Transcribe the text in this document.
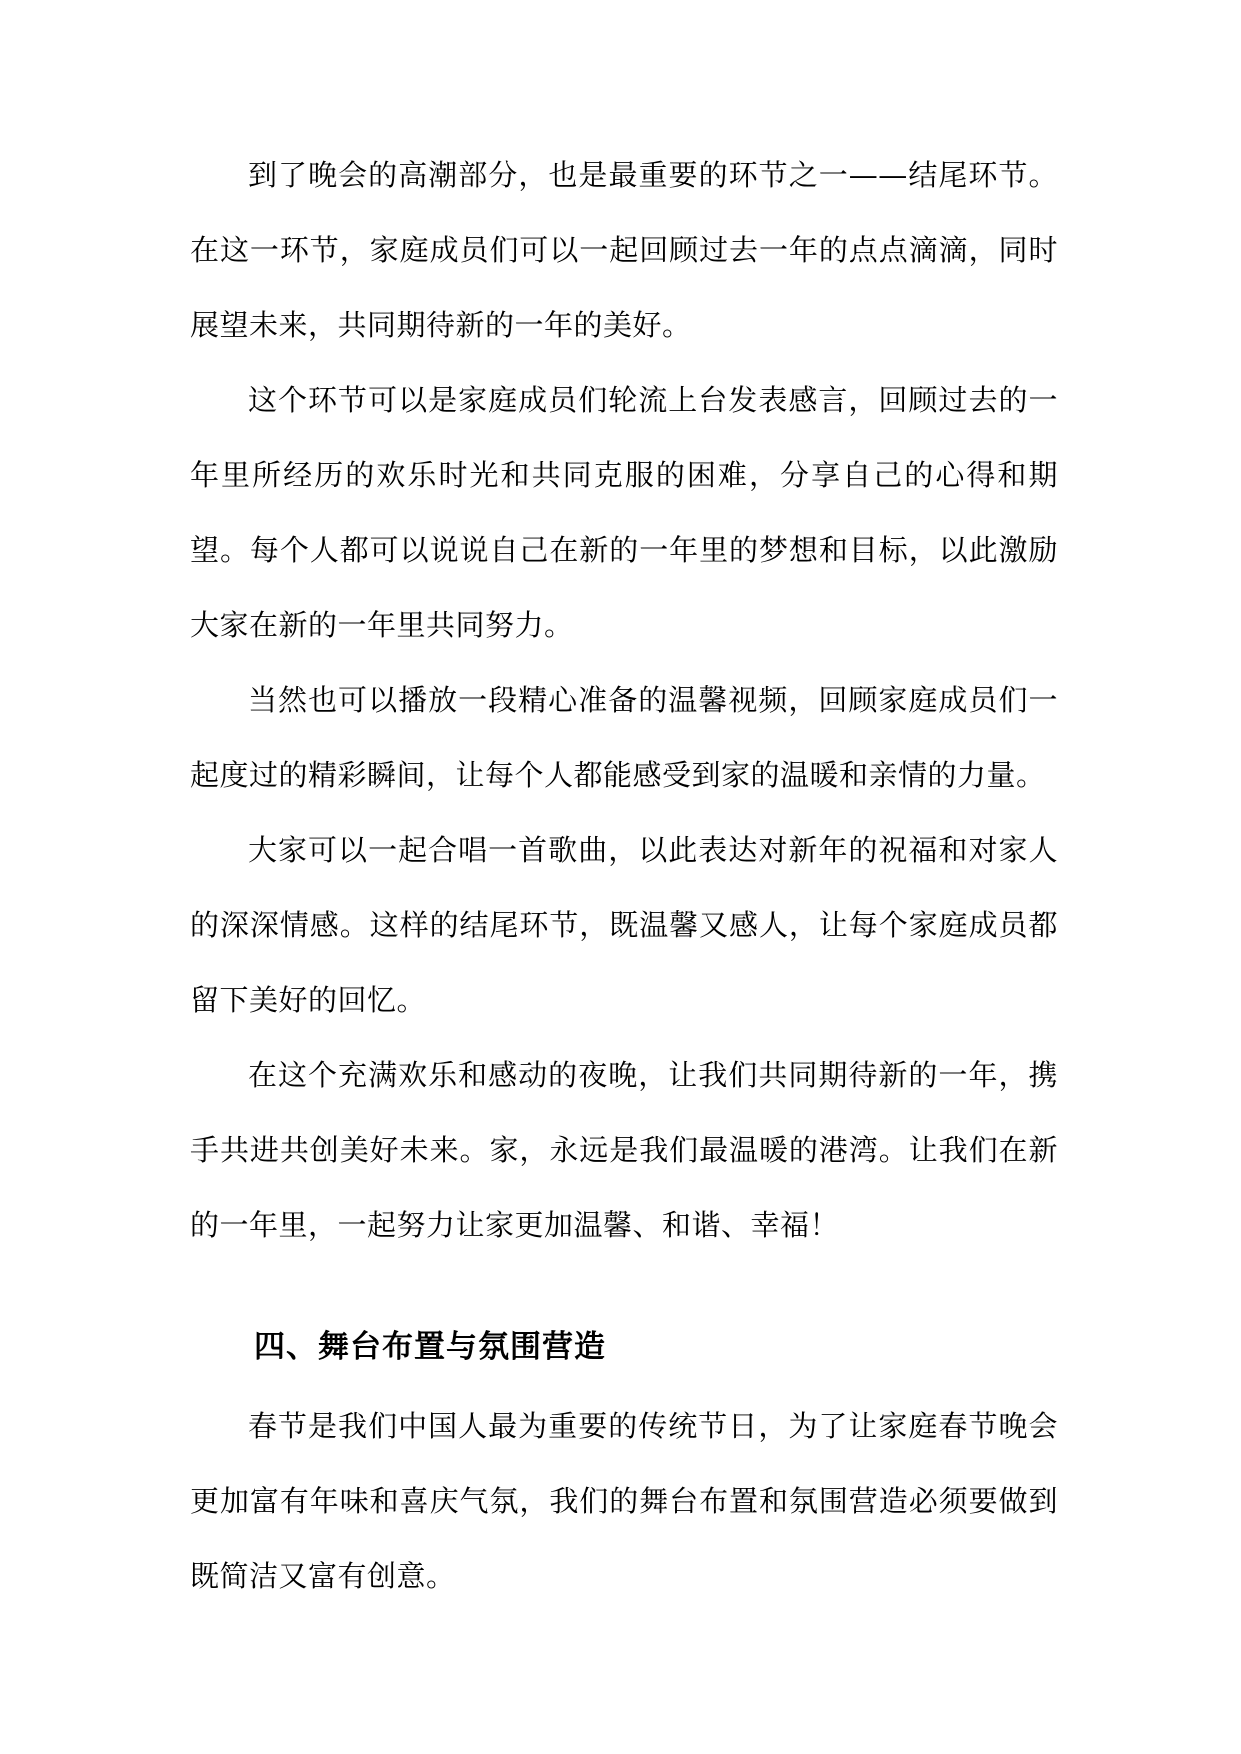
到了晚会的高潮部分，也是最重要的环节之一——结尾环节。在这一环节，家庭成员们可以一起回顾过去一年的点点滴滴，同时展望未来，共同期待新的一年的美好。

这个环节可以是家庭成员们轮流上台发表感言，回顾过去的一年里所经历的欢乐时光和共同克服的困难，分享自己的心得和期望。每个人都可以说说自己在新的一年里的梦想和目标，以此激励大家在新的一年里共同努力。

当然也可以播放一段精心准备的温馨视频，回顾家庭成员们一起度过的精彩瞬间，让每个人都能感受到家的温暖和亲情的力量。

大家可以一起合唱一首歌曲，以此表达对新年的祝福和对家人的深深情感。这样的结尾环节，既温馨又感人，让每个家庭成员都留下美好的回忆。

在这个充满欢乐和感动的夜晚，让我们共同期待新的一年，携手共进共创美好未来。家，永远是我们最温暖的港湾。让我们在新的一年里，一起努力让家更加温馨、和谐、幸福！

四、舞台布置与氛围营造

春节是我们中国人最为重要的传统节日，为了让家庭春节晚会更加富有年味和喜庆气氛，我们的舞台布置和氛围营造必须要做到既简洁又富有创意。
